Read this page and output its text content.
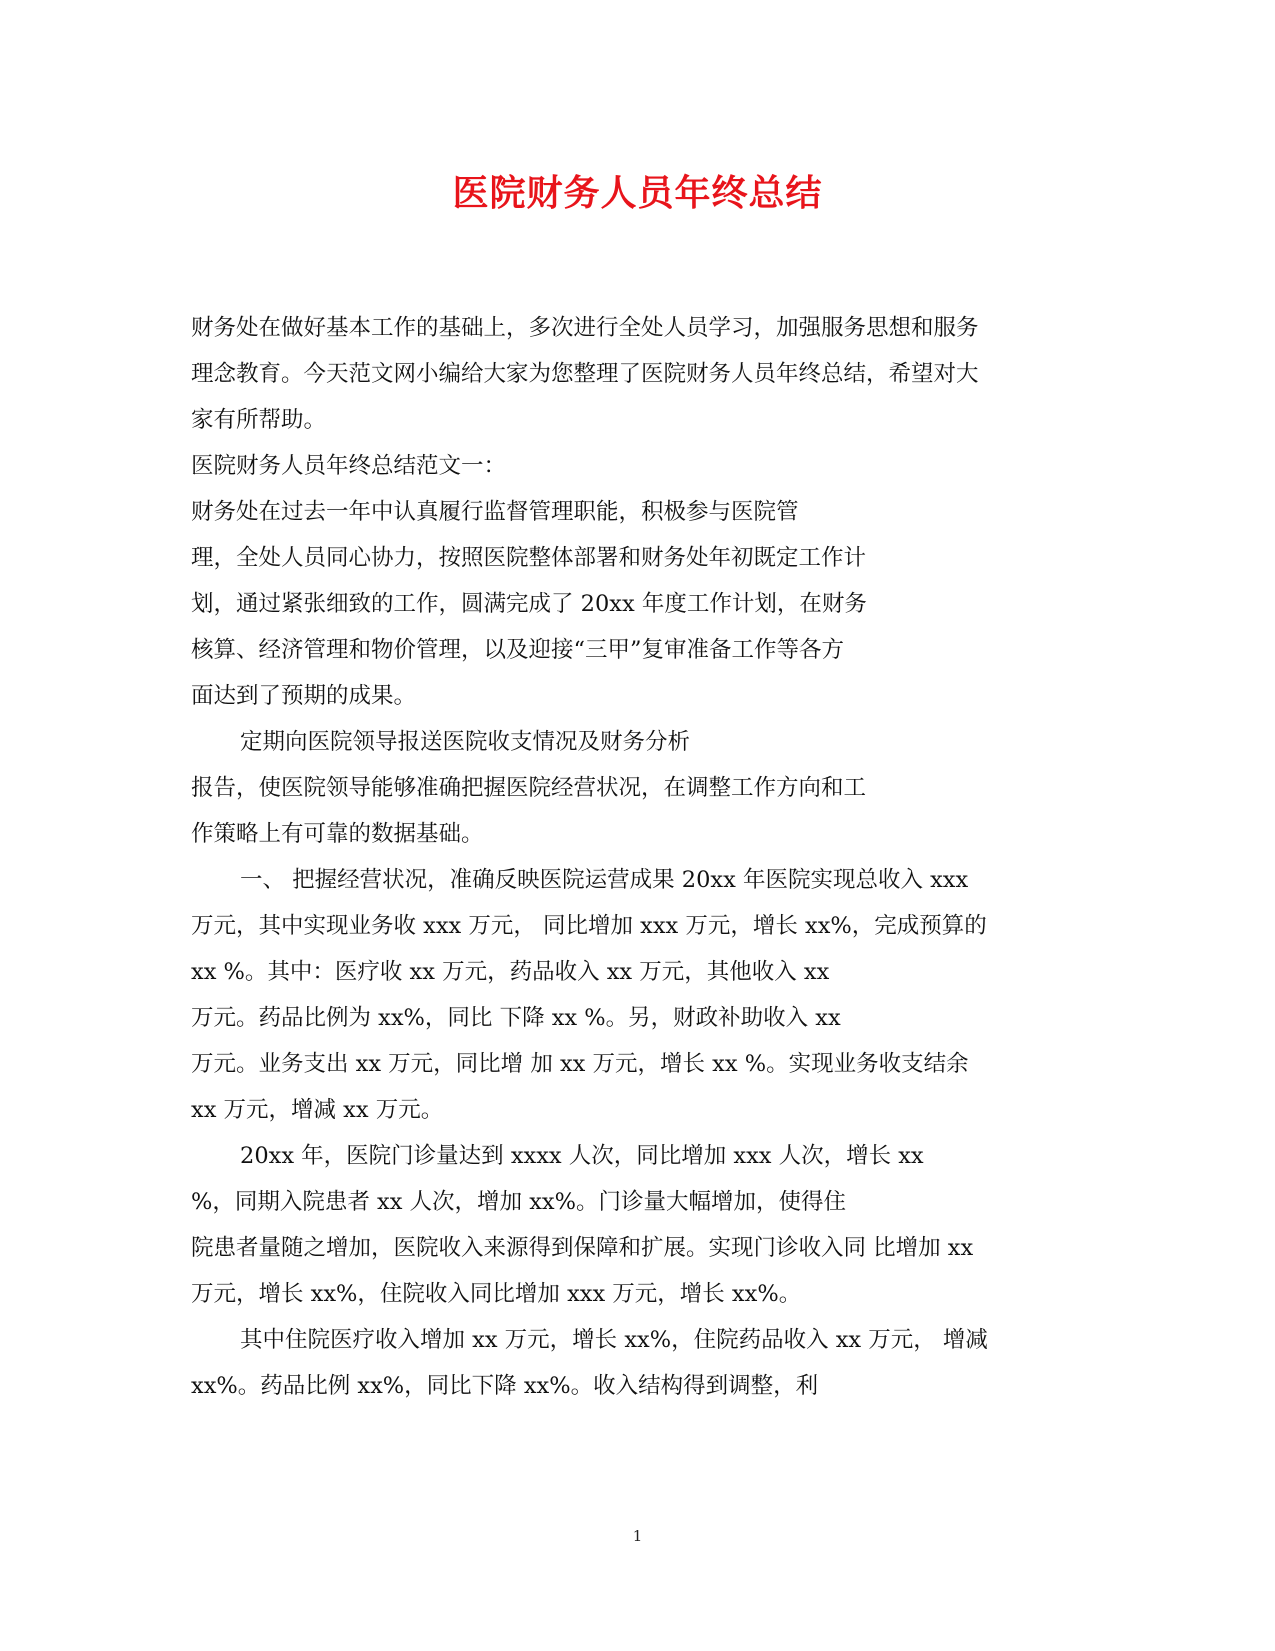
医院财务人员年终总结
财务处在做好基本工作的基础上，多次进行全处人员学习，加强服务思想和服务
理念教育。今天范文网小编给大家为您整理了医院财务人员年终总结，希望对大
家有所帮助。
医院财务人员年终总结范文一：
财务处在过去一年中认真履行监督管理职能，积极参与医院管
理，全处人员同心协力，按照医院整体部署和财务处年初既定工作计
划，通过紧张细致的工作，圆满完成了 20xx 年度工作计划，在财务
核算、经济管理和物价管理，以及迎接“三甲”复审准备工作等各方
面达到了预期的成果。
定期向医院领导报送医院收支情况及财务分析
报告，使医院领导能够准确把握医院经营状况，在调整工作方向和工
作策略上有可靠的数据基础。
一、 把握经营状况，准确反映医院运营成果 20xx 年医院实现总收入 xxx
万元，其中实现业务收 xxx 万元， 同比增加 xxx 万元，增长 xx%，完成预算的
xx %。其中：医疗收 xx 万元，药品收入 xx 万元，其他收入 xx
万元。药品比例为 xx%，同比 下降 xx %。另，财政补助收入 xx
万元。业务支出 xx 万元，同比增 加 xx 万元，增长 xx %。实现业务收支结余
xx 万元，增减 xx 万元。
20xx 年，医院门诊量达到 xxxx 人次，同比增加 xxx 人次，增长 xx
%，同期入院患者 xx 人次，增加 xx%。门诊量大幅增加，使得住
院患者量随之增加，医院收入来源得到保障和扩展。实现门诊收入同 比增加 xx
万元，增长 xx%，住院收入同比增加 xxx 万元，增长 xx%。
其中住院医疗收入增加 xx 万元，增长 xx%，住院药品收入 xx 万元， 增减
xx%。药品比例 xx%，同比下降 xx%。收入结构得到调整，利
1
